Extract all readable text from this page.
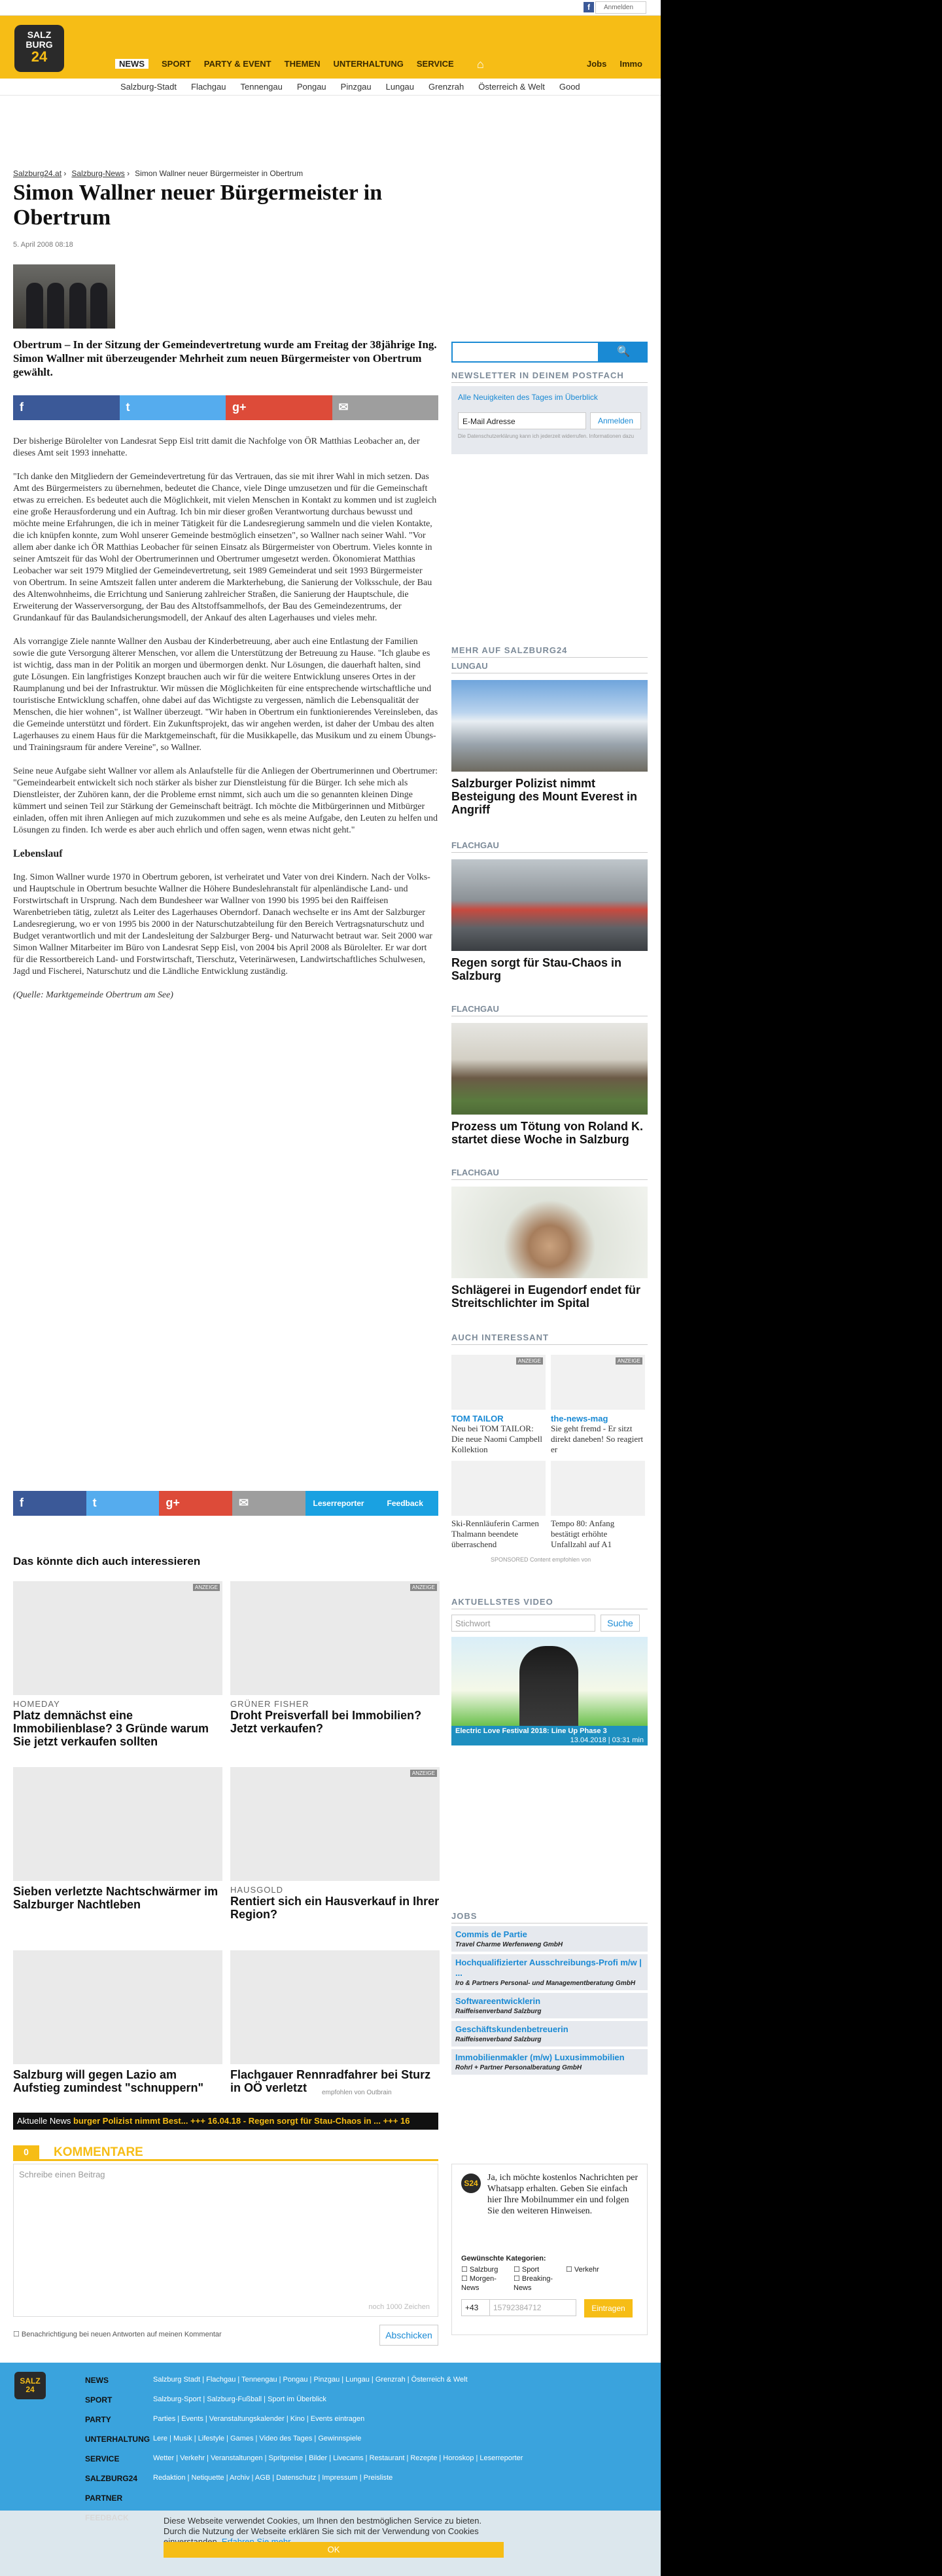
f	Anmelden
SALZ
BURG
24	NEWS	SPORT PARTY & EVENT THEMEN UNTERHALTUNG SERVICE ⌂	Jobs Immo
Salzburg-Stadt Flachgau Tennengau Pongau Pinzgau Lungau Grenzrah Österreich & Welt Good
Salzburg24.at › Salzburg-News › Simon Wallner neuer Bürgermeister in Obertrum
Simon Wallner neuer Bürgermeister in Obertrum
5. April 2008 08:18
Obertrum – In der Sitzung der Gemeindevertretung wurde am Freitag der 38jährige Ing. Simon Wallner mit überzeugender Mehrheit zum neuen Bürgermeister von Obertrum gewählt.
f	t	g+	✉

Der bisherige Bürolelter von Landesrat Sepp Eisl tritt damit die Nachfolge von ÖR Matthias Leobacher an, der dieses Amt seit 1993 innehatte.

"Ich danke den Mitgliedern der Gemeindevertretung für das Vertrauen, das sie mit ihrer Wahl in mich setzen. Das Amt des Bürgermeisters zu übernehmen, bedeutet die Chance, viele Dinge umzusetzen und für die Gemeinschaft etwas zu erreichen. Es bedeutet auch die Möglichkeit, mit vielen Menschen in Kontakt zu kommen und ist zugleich eine große Herausforderung und ein Auftrag. Ich bin mir dieser großen Verantwortung durchaus bewusst und möchte meine Erfahrungen, die ich in meiner Tätigkeit für die Landesregierung sammeln und die vielen Kontakte, die ich knüpfen konnte, zum Wohl unserer Gemeinde bestmöglich einsetzen", so Wallner nach seiner Wahl. "Vor allem aber danke ich ÖR Matthias Leobacher für seinen Einsatz als Bürgermeister von Obertrum. Vieles konnte in seiner Amtszeit für das Wohl der Obertrumerinnen und Obertrumer umgesetzt werden. Ökonomierat Matthias Leobacher war seit 1979 Mitglied der Gemeindevertretung, seit 1989 Gemeinderat und seit 1993 Bürgermeister von Obertrum. In seine Amtszeit fallen unter anderem die Markterhebung, die Sanierung der Volksschule, der Bau des Altenwohnheims, die Errichtung und Sanierung zahlreicher Straßen, die Sanierung der Hauptschule, die Erweiterung der Wasserversorgung, der Bau des Altstoffsammelhofs, der Bau des Gemeindezentrums, der Grundankauf für das Baulandsicherungsmodell, der Ankauf des alten Lagerhauses und vieles mehr.

Als vorrangige Ziele nannte Wallner den Ausbau der Kinderbetreuung, aber auch eine Entlastung der Familien sowie die gute Versorgung älterer Menschen, vor allem die Unterstützung der Betreuung zu Hause. "Ich glaube es ist wichtig, dass man in der Politik an morgen und übermorgen denkt. Nur Lösungen, die dauerhaft halten, sind gute Lösungen. Ein langfristiges Konzept brauchen auch wir für die weitere Entwicklung unseres Ortes in der Raumplanung und bei der Infrastruktur. Wir müssen die Möglichkeiten für eine entsprechende wirtschaftliche und touristische Entwicklung schaffen, ohne dabei auf das Wichtigste zu vergessen, nämlich die Lebensqualität der Menschen, die hier wohnen", ist Wallner überzeugt. "Wir haben in Obertrum ein funktionierendes Vereinsleben, das die Gemeinde unterstützt und fördert. Ein Zukunftsprojekt, das wir angehen werden, ist daher der Umbau des alten Lagerhauses zu einem Haus für die Marktgemeinschaft, für die Musikkapelle, das Musikum und zu einem Übungs- und Trainingsraum für andere Vereine", so Wallner.

Seine neue Aufgabe sieht Wallner vor allem als Anlaufstelle für die Anliegen der Obertrumerinnen und Obertrumer: "Gemeindearbeit entwickelt sich noch stärker als bisher zur Dienstleistung für die Bürger. Ich sehe mich als Dienstleister, der Zuhören kann, der die Probleme ernst nimmt, sich auch um die so genannten kleinen Dinge kümmert und seinen Teil zur Stärkung der Gemeinschaft beiträgt. Ich möchte die Mitbürgerinnen und Mitbürger einladen, offen mit ihren Anliegen auf mich zuzukommen und sehe es als meine Aufgabe, den Leuten zu helfen und Lösungen zu finden. Ich werde es aber auch ehrlich und offen sagen, wenn etwas nicht geht."

Lebenslauf

Ing. Simon Wallner wurde 1970 in Obertrum geboren, ist verheiratet und Vater von drei Kindern. Nach der Volks- und Hauptschule in Obertrum besuchte Wallner die Höhere Bundeslehranstalt für alpenländische Land- und Forstwirtschaft in Ursprung. Nach dem Bundesheer war Wallner von 1990 bis 1995 bei den Raiffeisen Warenbetrieben tätig, zuletzt als Leiter des Lagerhauses Oberndorf. Danach wechselte er ins Amt der Salzburger Landesregierung, wo er von 1995 bis 2000 in der Naturschutzabteilung für den Bereich Vertragsnaturschutz und Budget verantwortlich und mit der Landesleitung der Salzburger Berg- und Naturwacht betraut war. Seit 2000 war Simon Wallner Mitarbeiter im Büro von Landesrat Sepp Eisl, von 2004 bis April 2008 als Bürolelter. Er war dort für die Ressortbereich Land- und Forstwirtschaft, Tierschutz, Veterinärwesen, Landwirtschaftliches Schulwesen, Jagd und Fischerei, Naturschutz und die Ländliche Entwicklung zuständig.

(Quelle: Marktgemeinde Obertrum am See)

f	t	g+	✉	Leserreporter	Feedback
🔍
NEWSLETTER IN DEINEM POSTFACH
Alle Neuigkeiten des Tages im Überblick
E-Mail Adresse	Anmelden
Die Datenschutzerklärung kann ich jederzeit widerrufen. Informationen dazu
MEHR AUF SALZBURG24
LUNGAU
Salzburger Polizist nimmt Besteigung des Mount Everest in Angriff
FLACHGAU
Regen sorgt für Stau-Chaos in Salzburg
FLACHGAU
Prozess um Tötung von Roland K. startet diese Woche in Salzburg
FLACHGAU
Schlägerei in Eugendorf endet für Streitschlichter im Spital
AUCH INTERESSANT
ANZEIGE
TOM TAILOR
Neu bei TOM TAILOR: Die neue Naomi Campbell Kollektion
ANZEIGE
the-news-mag
Sie geht fremd - Er sitzt direkt daneben! So reagiert er
Ski-Rennläuferin Carmen Thalmann beendete überraschend
Tempo 80: Anfang bestätigt erhöhte Unfallzahl auf A1
SPONSORED Content empfohlen von
AKTUELLSTES VIDEO
Stichwort	Suche
Electric Love Festival 2018: Line Up Phase 3
13.04.2018 | 03:31 min
JOBS
Commis de Partie
Travel Charme Werfenweng GmbH
Hochqualifizierter Ausschreibungs-Profi m/w | ...
Iro & Partners Personal- und Managementberatung GmbH
Softwareentwicklerin
Raiffeisenverband Salzburg
Geschäftskundenbetreuerin
Raiffeisenverband Salzburg
Immobilienmakler (m/w) Luxusimmobilien
Rohrl + Partner Personalberatung GmbH
Das könnte dich auch interessieren
ANZEIGE
HOMEDAY
Platz demnächst eine Immobilienblase? 3 Gründe warum Sie jetzt verkaufen sollten
ANZEIGE
GRÜNER FISHER
Droht Preisverfall bei Immobilien? Jetzt verkaufen?
Sieben verletzte Nachtschwärmer im Salzburger Nachtleben
ANZEIGE
HAUSGOLD
Rentiert sich ein Hausverkauf in Ihrer Region?
Salzburg will gegen Lazio am Aufstieg zumindest "schnuppern"
Flachgauer Rennradfahrer bei Sturz in OÖ verletzt	empfohlen von Outbrain
Aktuelle News burger Polizist nimmt Best... +++ 16.04.18 - Regen sorgt für Stau-Chaos in ... +++ 16
0	KOMMENTARE
Schreibe einen Beitrag
noch 1000 Zeichen
☐ Benachrichtigung bei neuen Antworten auf meinen Kommentar	Abschicken
S24
Ja, ich möchte kostenlos Nachrichten per Whatsapp erhalten. Geben Sie einfach hier Ihre Mobilnummer ein und folgen Sie den weiteren Hinweisen.
Gewünschte Kategorien:
☐ Salzburg	☐ Sport	☐ Verkehr
☐ Morgen-News
☐ Breaking-News
+43	15792384712	Eintragen
SALZ
24
NEWS	Salzburg Stadt | Flachgau | Tennengau | Pongau | Pinzgau | Lungau | Grenzrah | Österreich & Welt
SPORT	Salzburg-Sport | Salzburg-Fußball | Sport im Überblick
PARTY	Parties | Events | Veranstaltungskalender | Kino | Events eintragen
UNTERHALTUNG Lere | Musik | Lifestyle | Games | Video des Tages | Gewinnspiele
SERVICE	Wetter | Verkehr | Veranstaltungen | Spritpreise | Bilder | Livecams | Restaurant | Rezepte | Horoskop | Leserreporter
SALZBURG24	Redaktion | Netiquette | Archiv | AGB | Datenschutz | Impressum | Preisliste
PARTNER
Diese Webseite verwendet Cookies, um Ihnen den bestmöglichen Service zu bieten. Durch die Nutzung der Webseite erklären Sie sich mit der Verwendung von Cookies
OK
